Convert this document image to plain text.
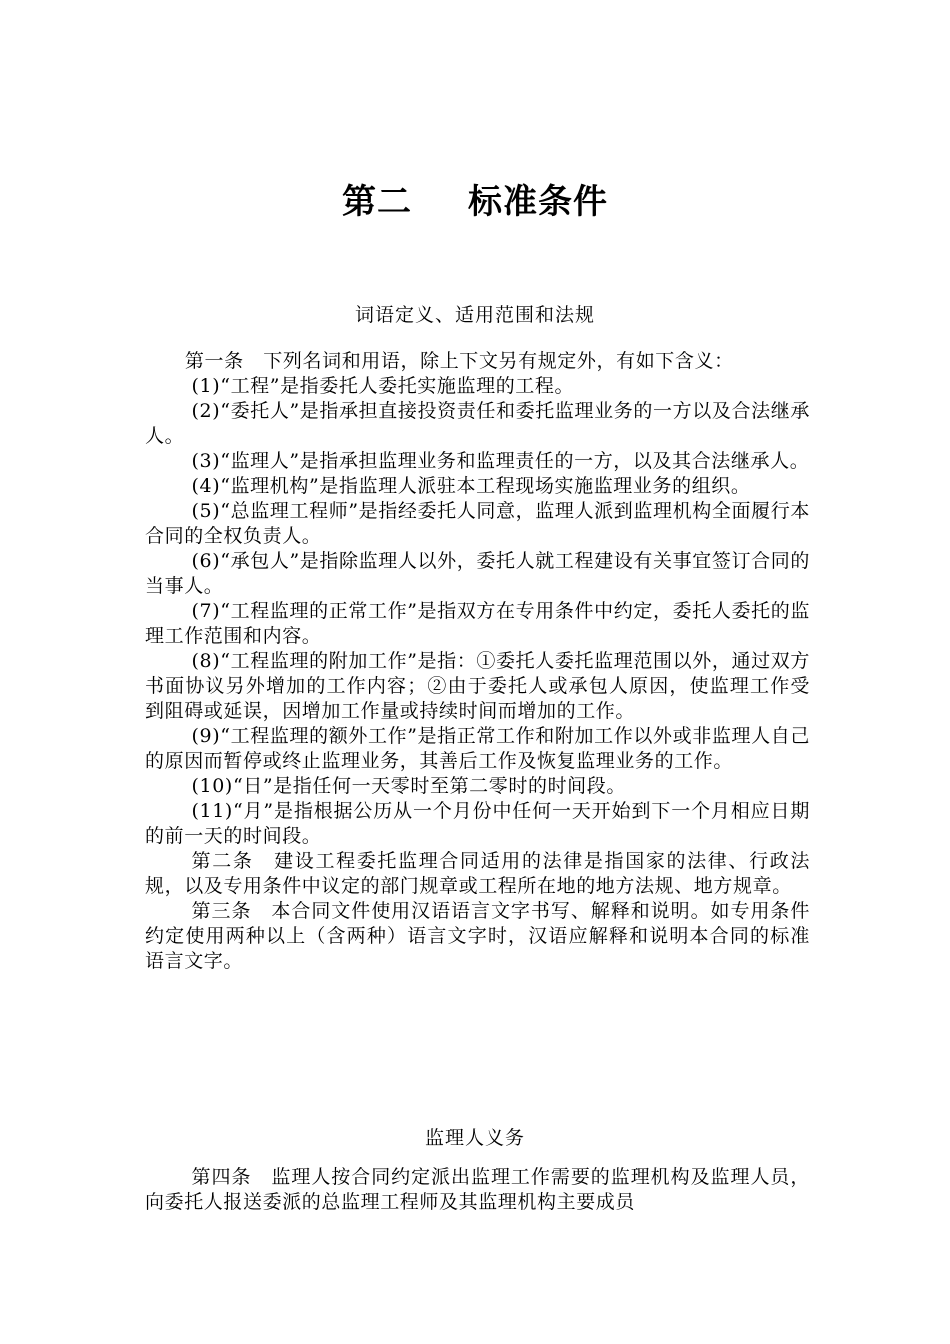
第二 标准条件
词语定义、适用范围和法规

第一条　下列名词和用语，除上下文另有规定外，有如下含义：

(1)“工程”是指委托人委托实施监理的工程。

(2)“委托人”是指承担直接投资责任和委托监理业务的一方以及合法继承人。

(3)“监理人”是指承担监理业务和监理责任的一方，以及其合法继承人。

(4)“监理机构”是指监理人派驻本工程现场实施监理业务的组织。

(5)“总监理工程师”是指经委托人同意，监理人派到监理机构全面履行本合同的全权负责人。

(6)“承包人”是指除监理人以外，委托人就工程建设有关事宜签订合同的当事人。

(7)“工程监理的正常工作”是指双方在专用条件中约定，委托人委托的监理工作范围和内容。

(8)“工程监理的附加工作”是指：①委托人委托监理范围以外，通过双方书面协议另外增加的工作内容；②由于委托人或承包人原因，使监理工作受到阻碍或延误，因增加工作量或持续时间而增加的工作。

(9)“工程监理的额外工作”是指正常工作和附加工作以外或非监理人自己的原因而暂停或终止监理业务，其善后工作及恢复监理业务的工作。

(10)“日”是指任何一天零时至第二零时的时间段。

(11)“月”是指根据公历从一个月份中任何一天开始到下一个月相应日期的前一天的时间段。

第二条　建设工程委托监理合同适用的法律是指国家的法律、行政法规，以及专用条件中议定的部门规章或工程所在地的地方法规、地方规章。

第三条　本合同文件使用汉语语言文字书写、解释和说明。如专用条件约定使用两种以上（含两种）语言文字时，汉语应解释和说明本合同的标准语言文字。

监理人义务

第四条　监理人按合同约定派出监理工作需要的监理机构及监理人员，向委托人报送委派的总监理工程师及其监理机构主要成员
